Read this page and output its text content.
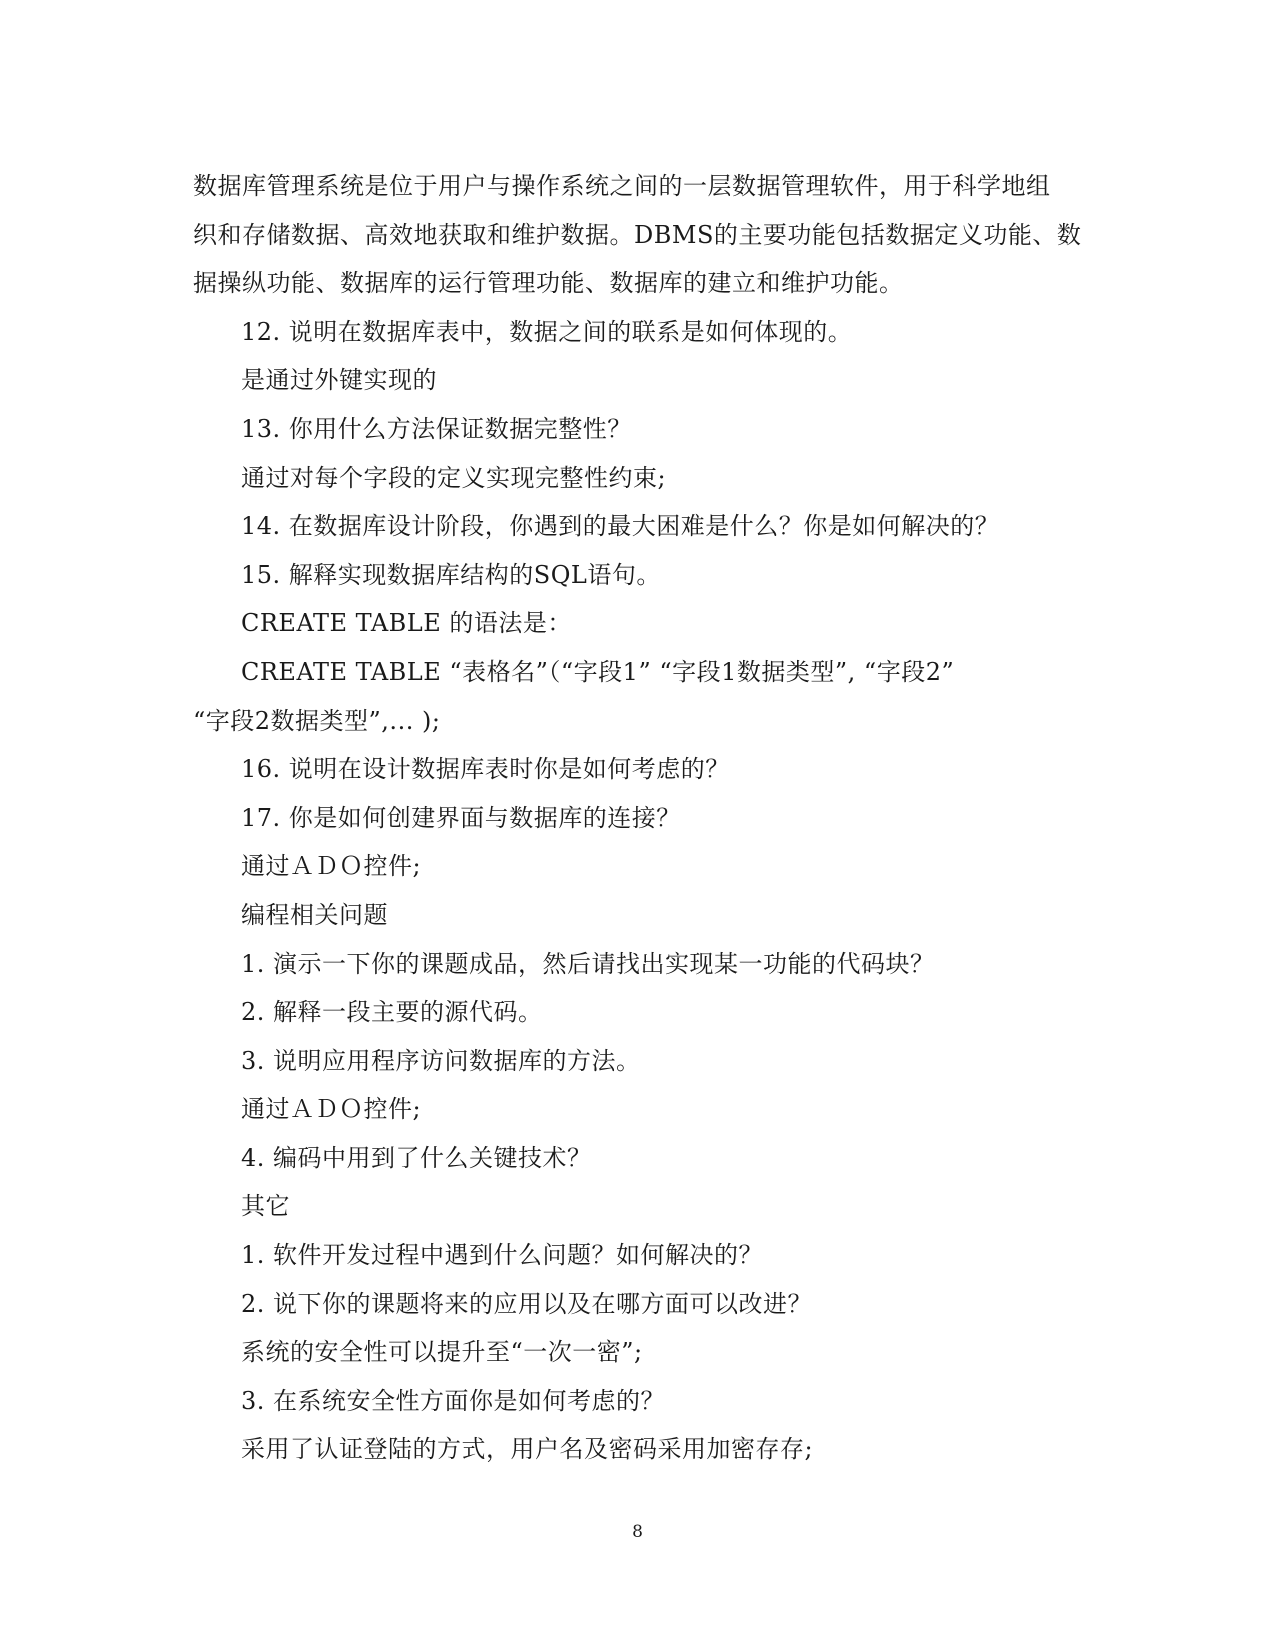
数据库管理系统是位于用户与操作系统之间的一层数据管理软件，用于科学地组
织和存储数据、高效地获取和维护数据。DBMS的主要功能包括数据定义功能、数
据操纵功能、数据库的运行管理功能、数据库的建立和维护功能。
12. 说明在数据库表中，数据之间的联系是如何体现的。
是通过外键实现的
13. 你用什么方法保证数据完整性？
通过对每个字段的定义实现完整性约束;
14. 在数据库设计阶段，你遇到的最大困难是什么？你是如何解决的？
15. 解释实现数据库结构的SQL语句。
CREATE TABLE 的语法是：
CREATE TABLE “表格名”（“字段1” “字段1数据类型”, “字段2”
“字段2数据类型”,... );
16. 说明在设计数据库表时你是如何考虑的？
17. 你是如何创建界面与数据库的连接？
通过ＡＤＯ控件;
编程相关问题
1. 演示一下你的课题成品，然后请找出实现某一功能的代码块？
2. 解释一段主要的源代码。
3. 说明应用程序访问数据库的方法。
通过ＡＤＯ控件;
4. 编码中用到了什么关键技术？
其它
1. 软件开发过程中遇到什么问题？如何解决的？
2. 说下你的课题将来的应用以及在哪方面可以改进？
系统的安全性可以提升至“一次一密”;
3. 在系统安全性方面你是如何考虑的？
采用了认证登陆的方式，用户名及密码采用加密存存;
8
